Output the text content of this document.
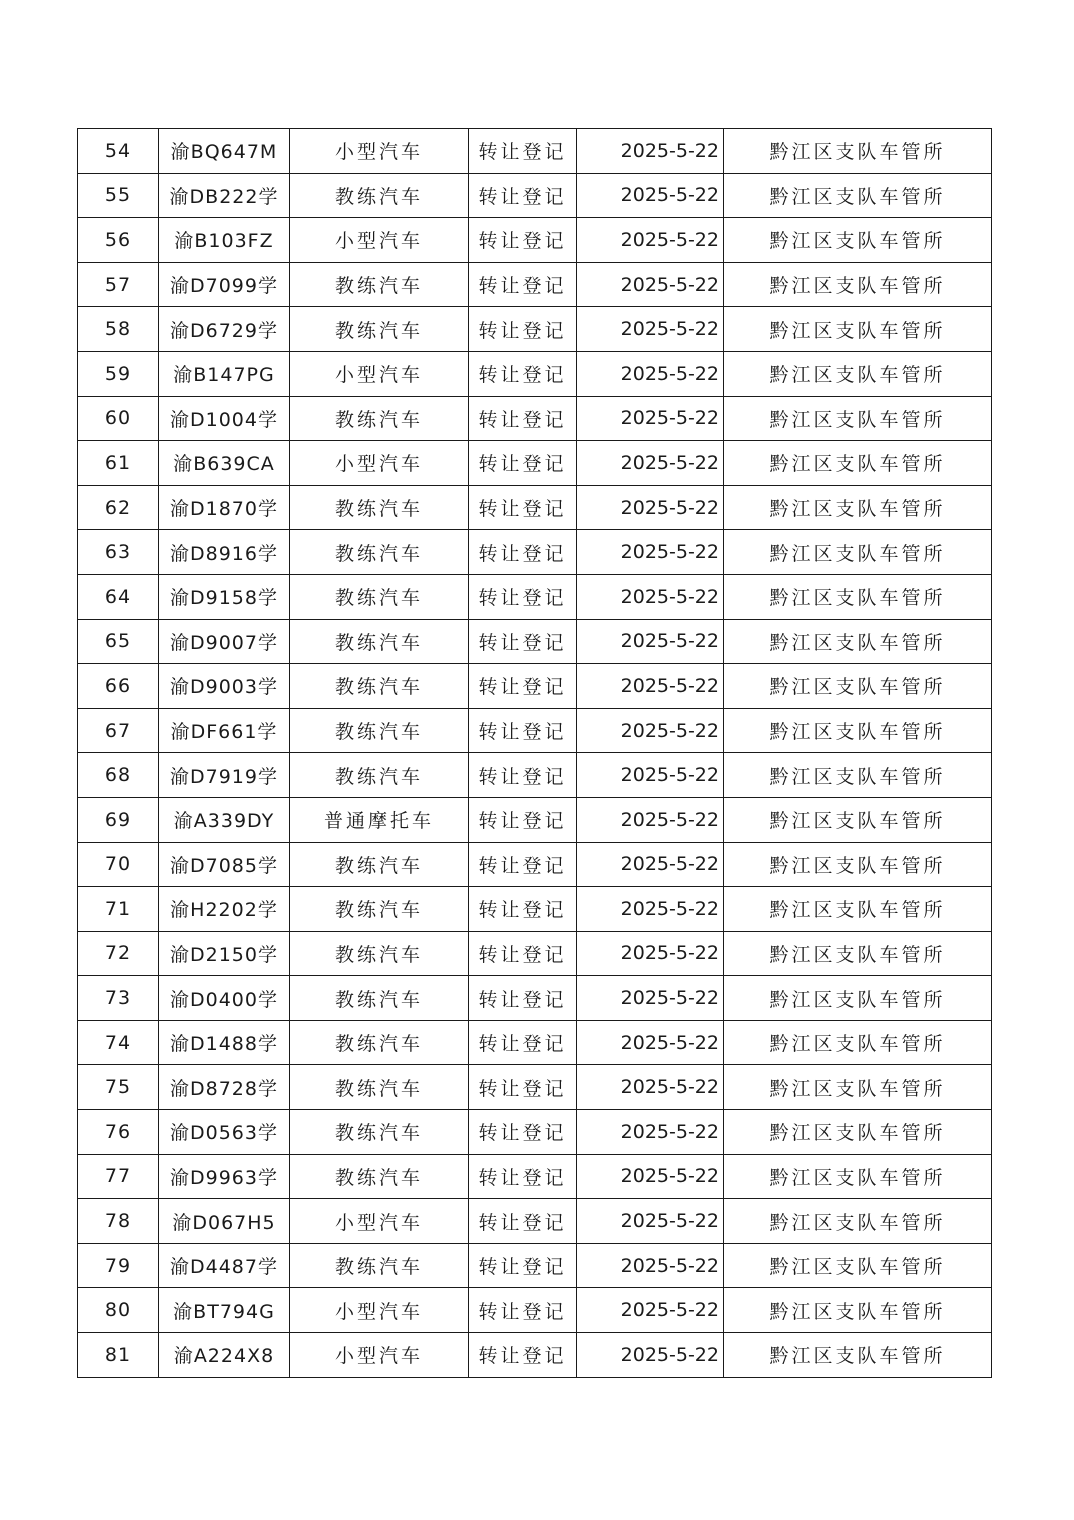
54	渝BQ647M	小型汽车	转让登记	2025-5-22	黔江区支队车管所
55	渝DB222学	教练汽车	转让登记	2025-5-22	黔江区支队车管所
56	渝B103FZ	小型汽车	转让登记	2025-5-22	黔江区支队车管所
57	渝D7099学	教练汽车	转让登记	2025-5-22	黔江区支队车管所
58	渝D6729学	教练汽车	转让登记	2025-5-22	黔江区支队车管所
59	渝B147PG	小型汽车	转让登记	2025-5-22	黔江区支队车管所
60	渝D1004学	教练汽车	转让登记	2025-5-22	黔江区支队车管所
61	渝B639CA	小型汽车	转让登记	2025-5-22	黔江区支队车管所
62	渝D1870学	教练汽车	转让登记	2025-5-22	黔江区支队车管所
63	渝D8916学	教练汽车	转让登记	2025-5-22	黔江区支队车管所
64	渝D9158学	教练汽车	转让登记	2025-5-22	黔江区支队车管所
65	渝D9007学	教练汽车	转让登记	2025-5-22	黔江区支队车管所
66	渝D9003学	教练汽车	转让登记	2025-5-22	黔江区支队车管所
67	渝DF661学	教练汽车	转让登记	2025-5-22	黔江区支队车管所
68	渝D7919学	教练汽车	转让登记	2025-5-22	黔江区支队车管所
69	渝A339DY	普通摩托车	转让登记	2025-5-22	黔江区支队车管所
70	渝D7085学	教练汽车	转让登记	2025-5-22	黔江区支队车管所
71	渝H2202学	教练汽车	转让登记	2025-5-22	黔江区支队车管所
72	渝D2150学	教练汽车	转让登记	2025-5-22	黔江区支队车管所
73	渝D0400学	教练汽车	转让登记	2025-5-22	黔江区支队车管所
74	渝D1488学	教练汽车	转让登记	2025-5-22	黔江区支队车管所
75	渝D8728学	教练汽车	转让登记	2025-5-22	黔江区支队车管所
76	渝D0563学	教练汽车	转让登记	2025-5-22	黔江区支队车管所
77	渝D9963学	教练汽车	转让登记	2025-5-22	黔江区支队车管所
78	渝D067H5	小型汽车	转让登记	2025-5-22	黔江区支队车管所
79	渝D4487学	教练汽车	转让登记	2025-5-22	黔江区支队车管所
80	渝BT794G	小型汽车	转让登记	2025-5-22	黔江区支队车管所
81	渝A224X8	小型汽车	转让登记	2025-5-22	黔江区支队车管所
